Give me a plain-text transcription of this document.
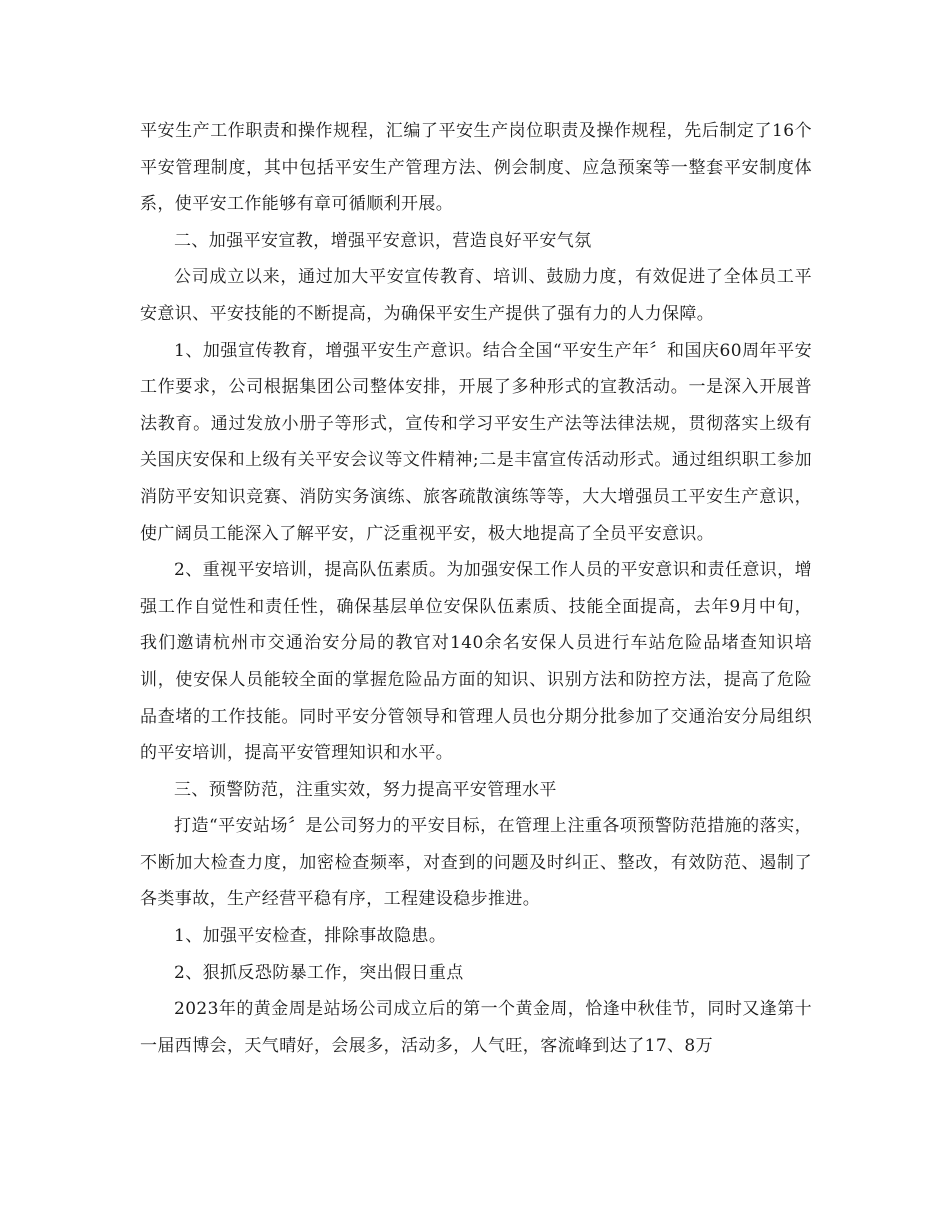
平安生产工作职责和操作规程，汇编了平安生产岗位职责及操作规程，先后制定了16个平安管理制度，其中包括平安生产管理方法、例会制度、应急预案等一整套平安制度体系，使平安工作能够有章可循顺利开展。

二、加强平安宣教，增强平安意识，营造良好平安气氛

公司成立以来，通过加大平安宣传教育、培训、鼓励力度，有效促进了全体员工平安意识、平安技能的不断提高，为确保平安生产提供了强有力的人力保障。

1、加强宣传教育，增强平安生产意识。结合全国“平安生产年〞和国庆60周年平安工作要求，公司根据集团公司整体安排，开展了多种形式的宣教活动。一是深入开展普法教育。通过发放小册子等形式，宣传和学习平安生产法等法律法规，贯彻落实上级有关国庆安保和上级有关平安会议等文件精神;二是丰富宣传活动形式。通过组织职工参加消防平安知识竞赛、消防实务演练、旅客疏散演练等等，大大增强员工平安生产意识，使广阔员工能深入了解平安，广泛重视平安，极大地提高了全员平安意识。

2、重视平安培训，提高队伍素质。为加强安保工作人员的平安意识和责任意识，增强工作自觉性和责任性，确保基层单位安保队伍素质、技能全面提高，去年9月中旬，我们邀请杭州市交通治安分局的教官对140余名安保人员进行车站危险品堵查知识培训，使安保人员能较全面的掌握危险品方面的知识、识别方法和防控方法，提高了危险品查堵的工作技能。同时平安分管领导和管理人员也分期分批参加了交通治安分局组织的平安培训，提高平安管理知识和水平。

三、预警防范，注重实效，努力提高平安管理水平

打造“平安站场〞是公司努力的平安目标，在管理上注重各项预警防范措施的落实，不断加大检查力度，加密检查频率，对查到的问题及时纠正、整改，有效防范、遏制了各类事故，生产经营平稳有序，工程建设稳步推进。

1、加强平安检查，排除事故隐患。

2、狠抓反恐防暴工作，突出假日重点

2023年的黄金周是站场公司成立后的第一个黄金周，恰逢中秋佳节，同时又逢第十一届西博会，天气晴好，会展多，活动多，人气旺，客流峰到达了17、8万
